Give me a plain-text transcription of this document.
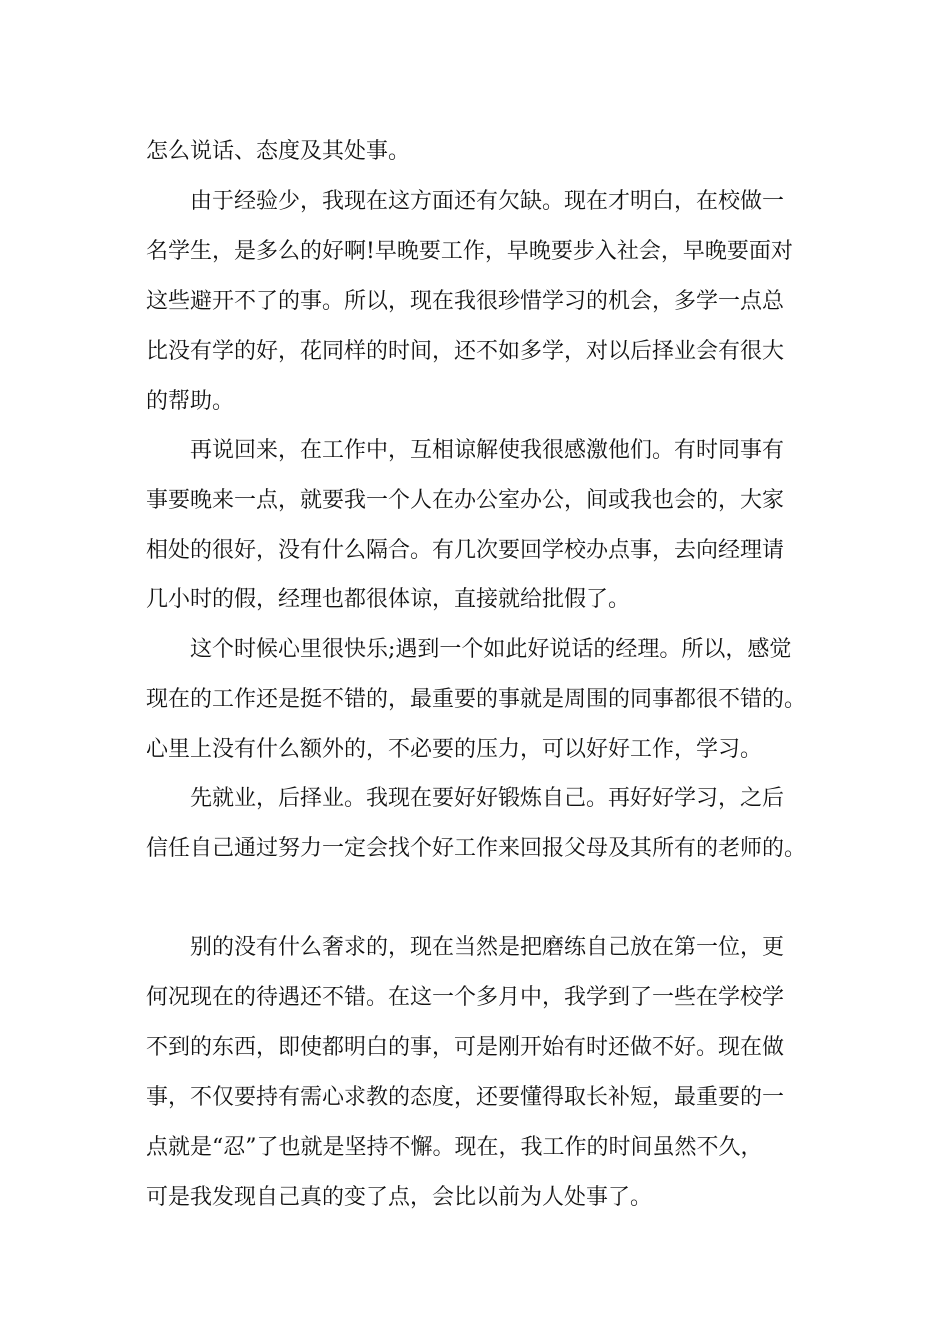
怎么说话、态度及其处事。
由于经验少，我现在这方面还有欠缺。现在才明白，在校做一
名学生，是多么的好啊!早晚要工作，早晚要步入社会，早晚要面对
这些避开不了的事。所以，现在我很珍惜学习的机会，多学一点总
比没有学的好，花同样的时间，还不如多学，对以后择业会有很大
的帮助。
再说回来，在工作中，互相谅解使我很感激他们。有时同事有
事要晚来一点，就要我一个人在办公室办公，间或我也会的，大家
相处的很好，没有什么隔合。有几次要回学校办点事，去向经理请
几小时的假，经理也都很体谅，直接就给批假了。
这个时候心里很快乐;遇到一个如此好说话的经理。所以，感觉
现在的工作还是挺不错的，最重要的事就是周围的同事都很不错的。
心里上没有什么额外的，不必要的压力，可以好好工作，学习。
先就业，后择业。我现在要好好锻炼自己。再好好学习，之后
信任自己通过努力一定会找个好工作来回报父母及其所有的老师的。
别的没有什么奢求的，现在当然是把磨练自己放在第一位，更
何况现在的待遇还不错。在这一个多月中，我学到了一些在学校学
不到的东西，即使都明白的事，可是刚开始有时还做不好。现在做
事，不仅要持有需心求教的态度，还要懂得取长补短，最重要的一
点就是“忍”了也就是坚持不懈。现在，我工作的时间虽然不久，
可是我发现自己真的变了点，会比以前为人处事了。
